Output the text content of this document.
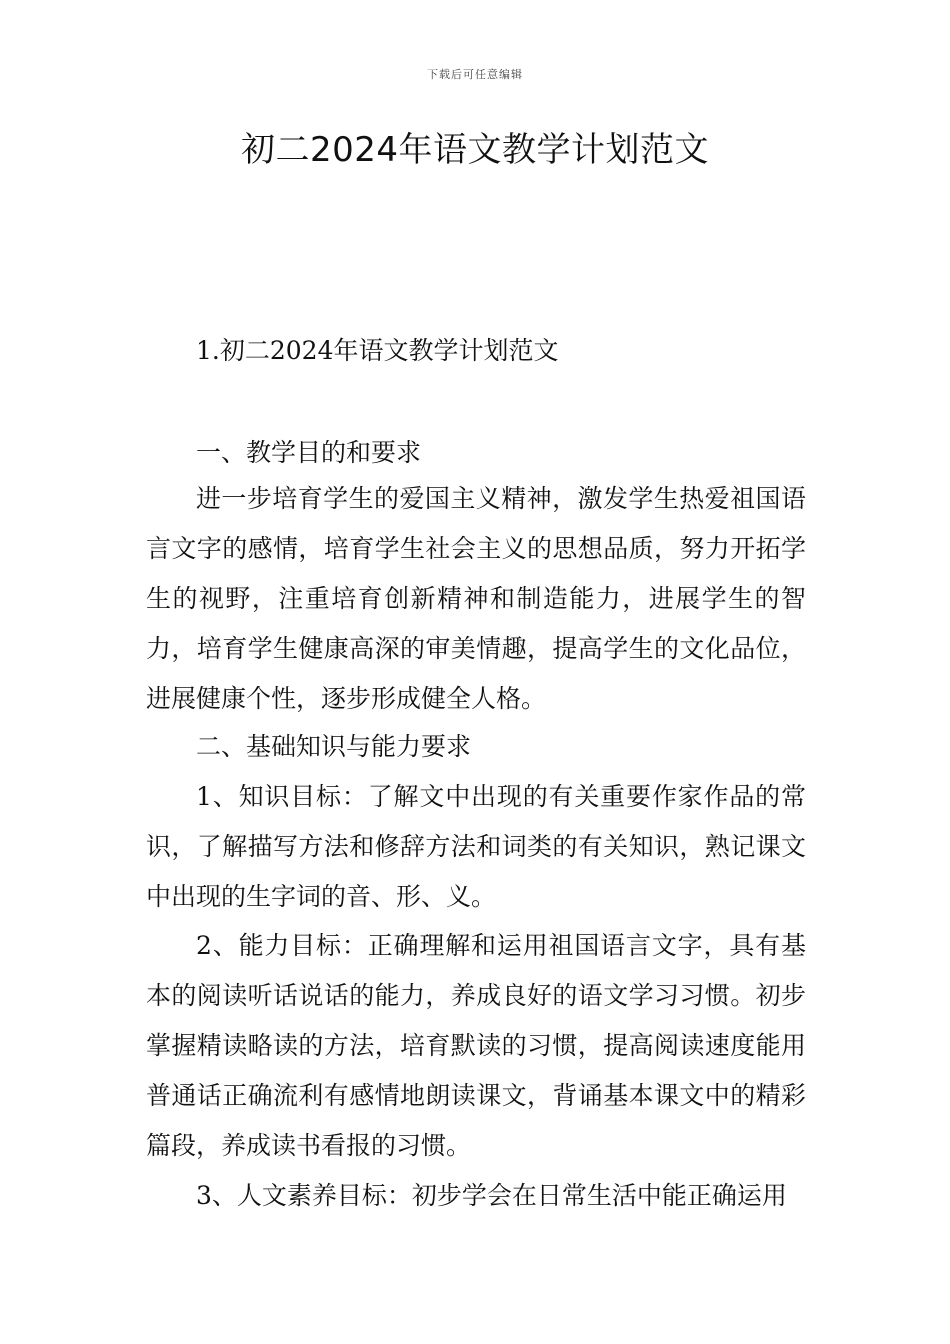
下载后可任意编辑
初二2024年语文教学计划范文

1.初二2024年语文教学计划范文

一、教学目的和要求

进一步培育学生的爱国主义精神，激发学生热爱祖国语言文字的感情，培育学生社会主义的思想品质，努力开拓学生的视野，注重培育创新精神和制造能力，进展学生的智力，培育学生健康高深的审美情趣，提高学生的文化品位，进展健康个性，逐步形成健全人格。

二、基础知识与能力要求

1、知识目标：了解文中出现的有关重要作家作品的常识，了解描写方法和修辞方法和词类的有关知识，熟记课文中出现的生字词的音、形、义。

2、能力目标：正确理解和运用祖国语言文字，具有基本的阅读听话说话的能力，养成良好的语文学习习惯。初步掌握精读略读的方法，培育默读的习惯，提高阅读速度能用普通话正确流利有感情地朗读课文，背诵基本课文中的精彩篇段，养成读书看报的习惯。

3、人文素养目标：初步学会在日常生活中能正确运用
